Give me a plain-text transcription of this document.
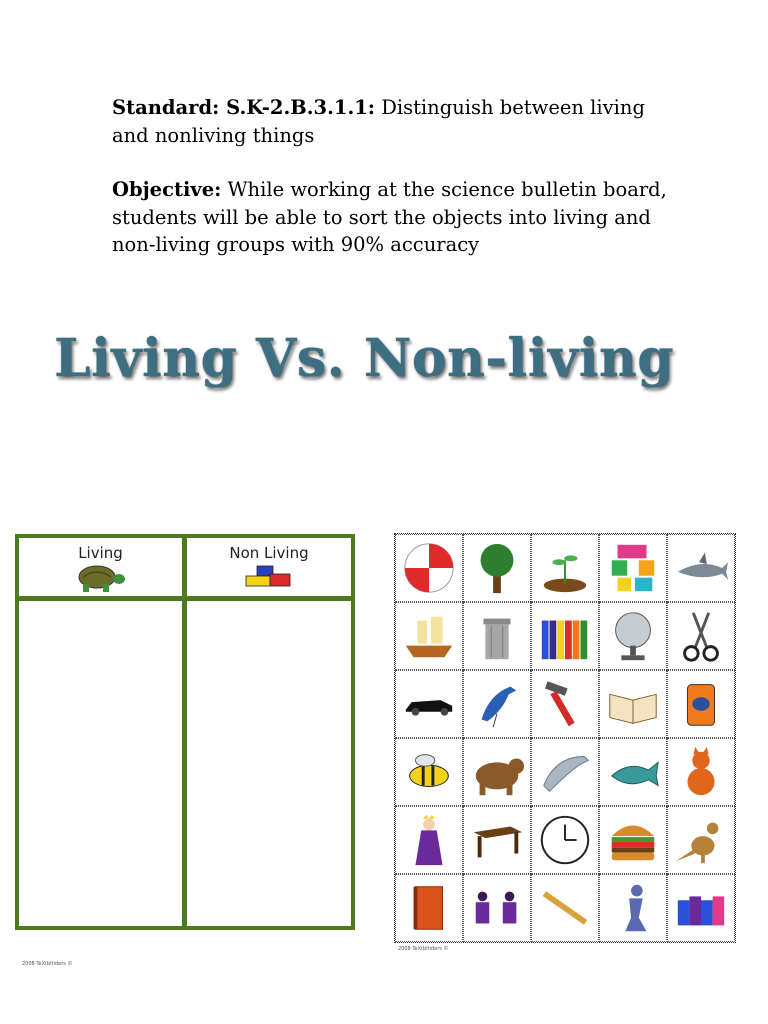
Standard: S.K-2.B.3.1.1: Distinguish between living and nonliving things

Objective: While working at the science bulletin board, students will be able to sort the objects into living and non-living groups with 90% accuracy

Living Vs. Non-living
Living	Non Living
2008 TeXtbItiders ©
2008 TeXtbItiders ©
